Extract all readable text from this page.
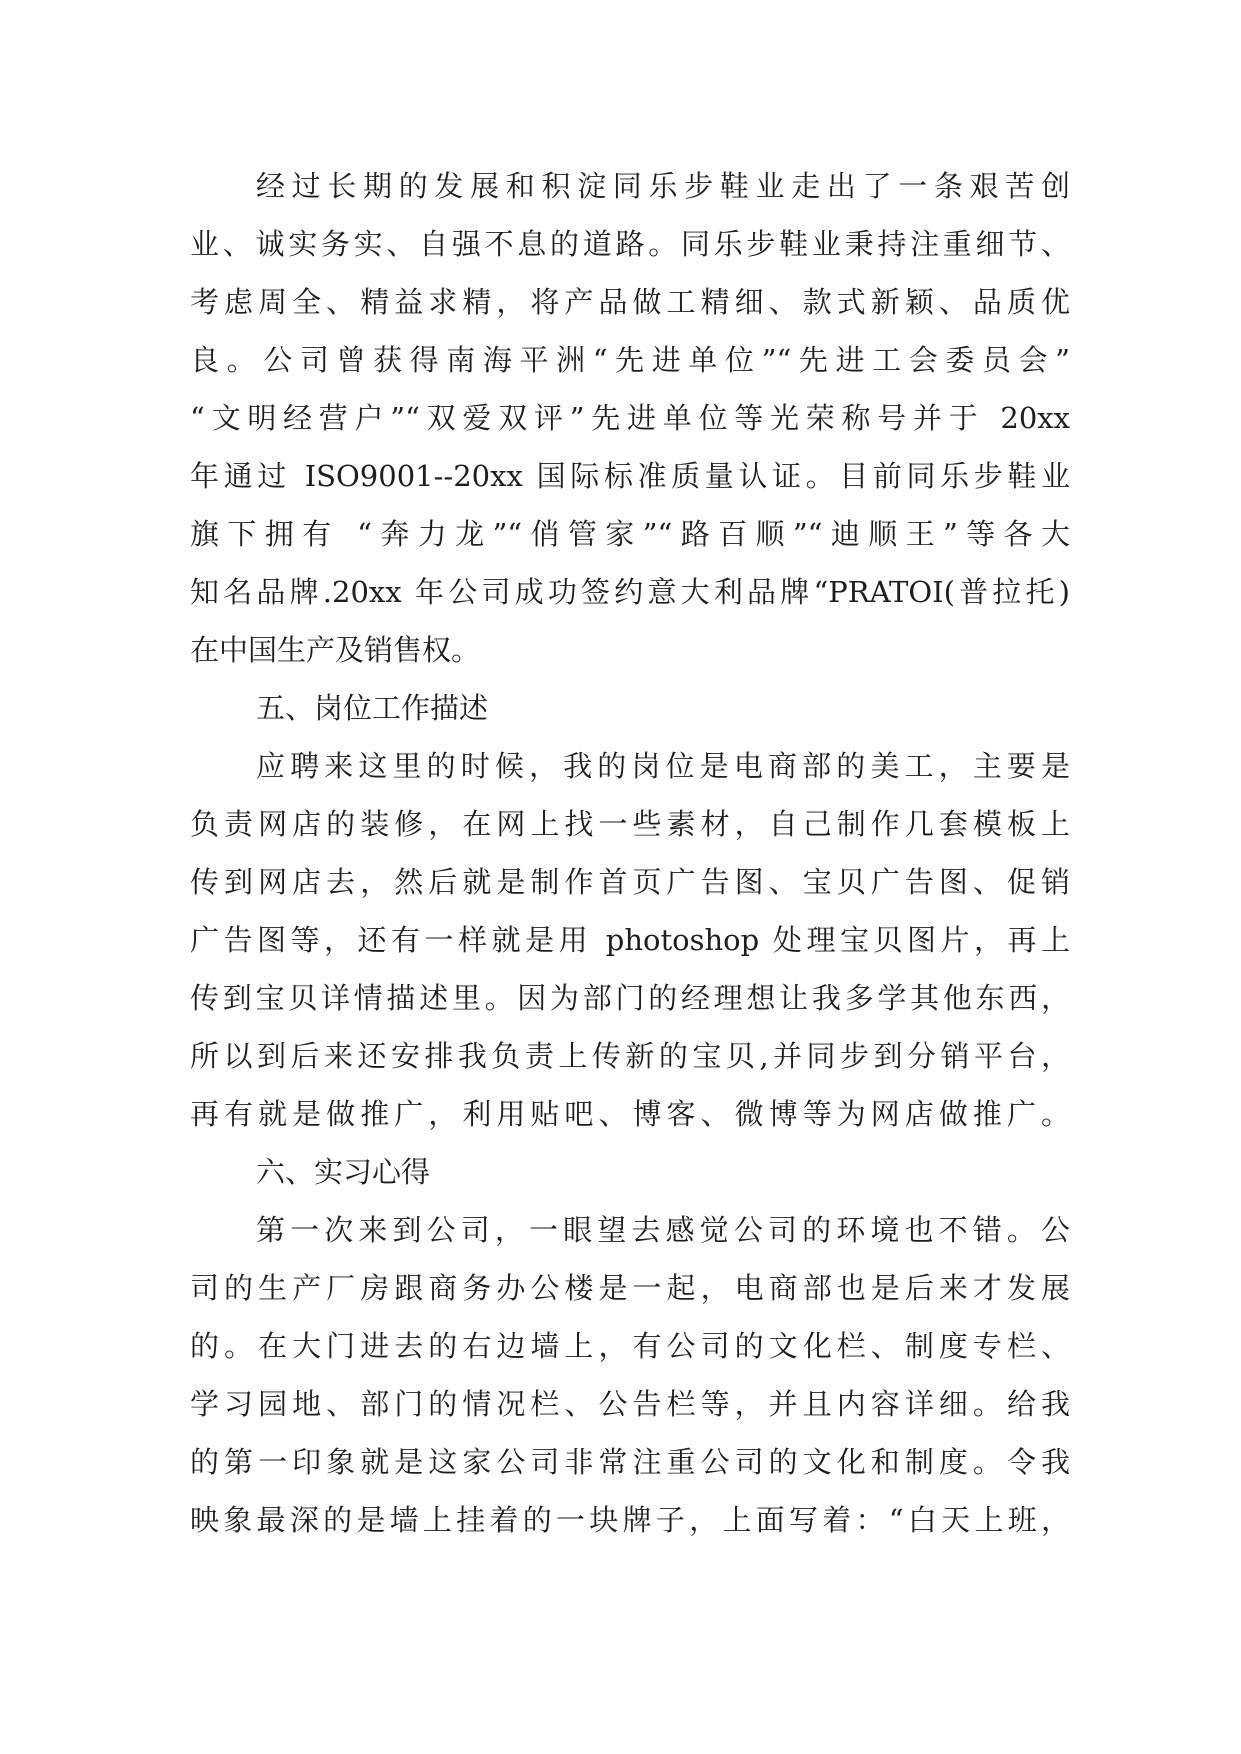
经过长期的发展和积淀同乐步鞋业走出了一条艰苦创
业、诚实务实、自强不息的道路。同乐步鞋业秉持注重细节、
考虑周全、精益求精，将产品做工精细、款式新颖、品质优
良。公司曾获得南海平洲“先进单位”“先进工会委员会”
“文明经营户”“双爱双评”先进单位等光荣称号并于 20xx
年通过 ISO9001--20xx 国际标准质量认证。目前同乐步鞋业
旗下拥有 “奔力龙”“俏管家”“路百顺”“迪顺王”等各大
知名品牌.20xx 年公司成功签约意大利品牌“PRATOI(普拉托)
在中国生产及销售权。
五、岗位工作描述
应聘来这里的时候，我的岗位是电商部的美工，主要是
负责网店的装修，在网上找一些素材，自己制作几套模板上
传到网店去，然后就是制作首页广告图、宝贝广告图、促销
广告图等，还有一样就是用 photoshop 处理宝贝图片，再上
传到宝贝详情描述里。因为部门的经理想让我多学其他东西，
所以到后来还安排我负责上传新的宝贝,并同步到分销平台，
再有就是做推广，利用贴吧、博客、微博等为网店做推广。
六、实习心得
第一次来到公司，一眼望去感觉公司的环境也不错。公
司的生产厂房跟商务办公楼是一起，电商部也是后来才发展
的。在大门进去的右边墙上，有公司的文化栏、制度专栏、
学习园地、部门的情况栏、公告栏等，并且内容详细。给我
的第一印象就是这家公司非常注重公司的文化和制度。令我
映象最深的是墙上挂着的一块牌子，上面写着：“白天上班，
